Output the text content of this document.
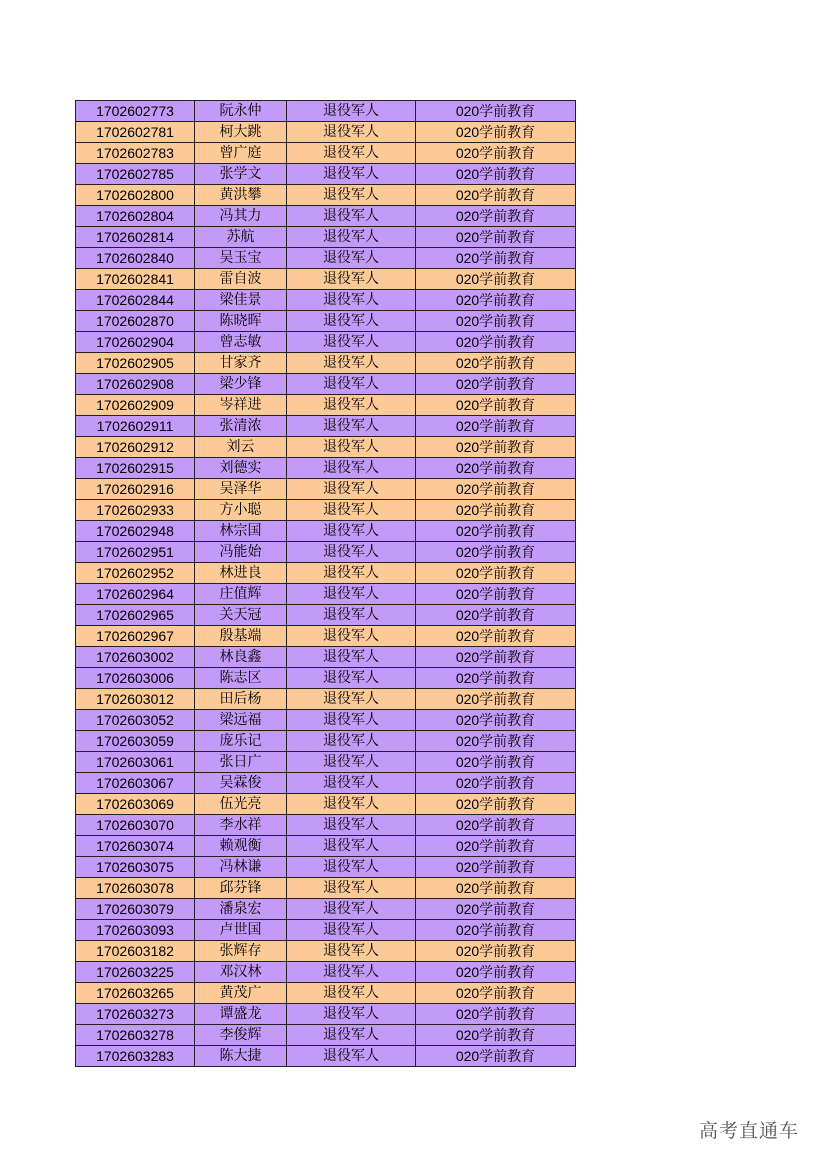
1702602773	阮永仲	退役军人	020学前教育
1702602781	柯大跳	退役军人	020学前教育
1702602783	曾广庭	退役军人	020学前教育
1702602785	张学文	退役军人	020学前教育
1702602800	黄洪攀	退役军人	020学前教育
1702602804	冯其力	退役军人	020学前教育
1702602814	苏航	退役军人	020学前教育
1702602840	吴玉宝	退役军人	020学前教育
1702602841	雷自波	退役军人	020学前教育
1702602844	梁佳景	退役军人	020学前教育
1702602870	陈晓晖	退役军人	020学前教育
1702602904	曾志敏	退役军人	020学前教育
1702602905	甘家齐	退役军人	020学前教育
1702602908	梁少锋	退役军人	020学前教育
1702602909	岑祥进	退役军人	020学前教育
1702602911	张清浓	退役军人	020学前教育
1702602912	刘云	退役军人	020学前教育
1702602915	刘德实	退役军人	020学前教育
1702602916	吴泽华	退役军人	020学前教育
1702602933	方小聪	退役军人	020学前教育
1702602948	林宗国	退役军人	020学前教育
1702602951	冯能始	退役军人	020学前教育
1702602952	林进良	退役军人	020学前教育
1702602964	庄值辉	退役军人	020学前教育
1702602965	关天冠	退役军人	020学前教育
1702602967	殷基端	退役军人	020学前教育
1702603002	林良鑫	退役军人	020学前教育
1702603006	陈志区	退役军人	020学前教育
1702603012	田后杨	退役军人	020学前教育
1702603052	梁远福	退役军人	020学前教育
1702603059	庞乐记	退役军人	020学前教育
1702603061	张日广	退役军人	020学前教育
1702603067	吴霖俊	退役军人	020学前教育
1702603069	伍光亮	退役军人	020学前教育
1702603070	李水祥	退役军人	020学前教育
1702603074	赖观衡	退役军人	020学前教育
1702603075	冯林谦	退役军人	020学前教育
1702603078	邱芬锋	退役军人	020学前教育
1702603079	潘泉宏	退役军人	020学前教育
1702603093	卢世国	退役军人	020学前教育
1702603182	张辉存	退役军人	020学前教育
1702603225	邓汉林	退役军人	020学前教育
1702603265	黄茂广	退役军人	020学前教育
1702603273	谭盛龙	退役军人	020学前教育
1702603278	李俊辉	退役军人	020学前教育
1702603283	陈大捷	退役军人	020学前教育
高考直通车
